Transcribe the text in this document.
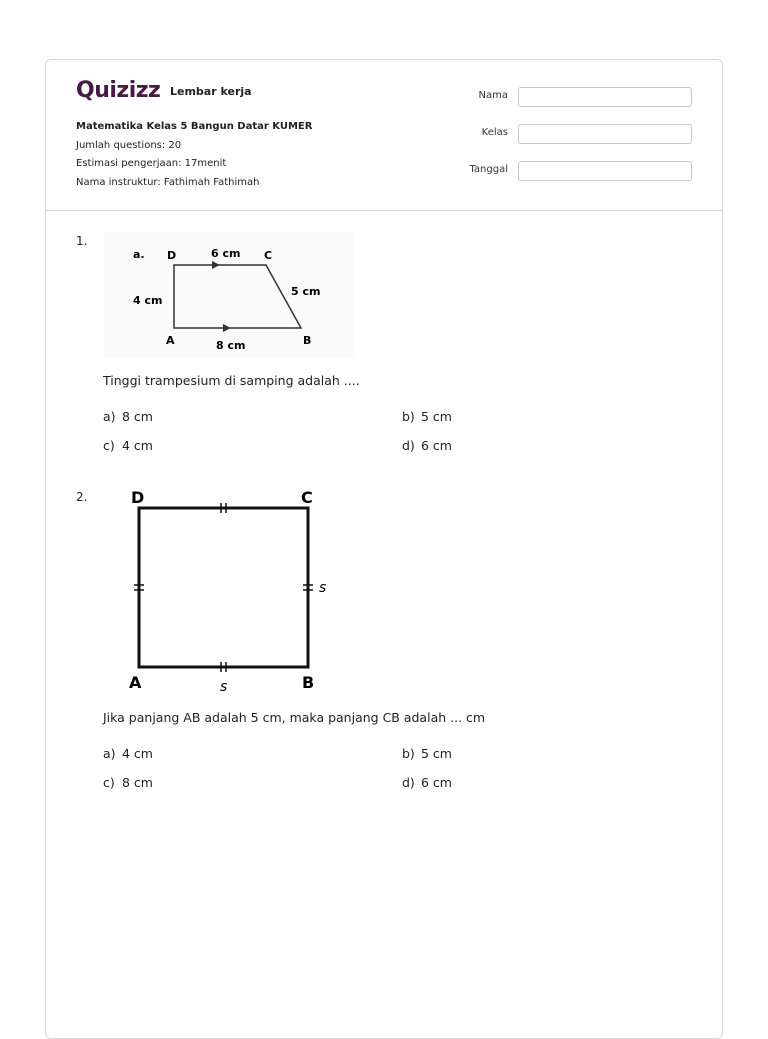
Quizizz Lembar kerja
Matematika Kelas 5 Bangun Datar KUMER
Jumlah questions: 20
Estimasi pengerjaan: 17menit
Nama instruktur: Fathimah Fathimah
Nama
Kelas
Tanggal
1.
a. D	C
B
A
6 cm
5 cm
4 cm
8 cm
Tinggi trampesium di samping adalah ....
a) 8 cm	b) 5 cm
c) 4 cm	d) 6 cm
2.	D	C
A	B
s
s
Jika panjang AB adalah 5 cm, maka panjang CB adalah ... cm
a) 4 cm	b) 5 cm
c) 8 cm	d) 6 cm
